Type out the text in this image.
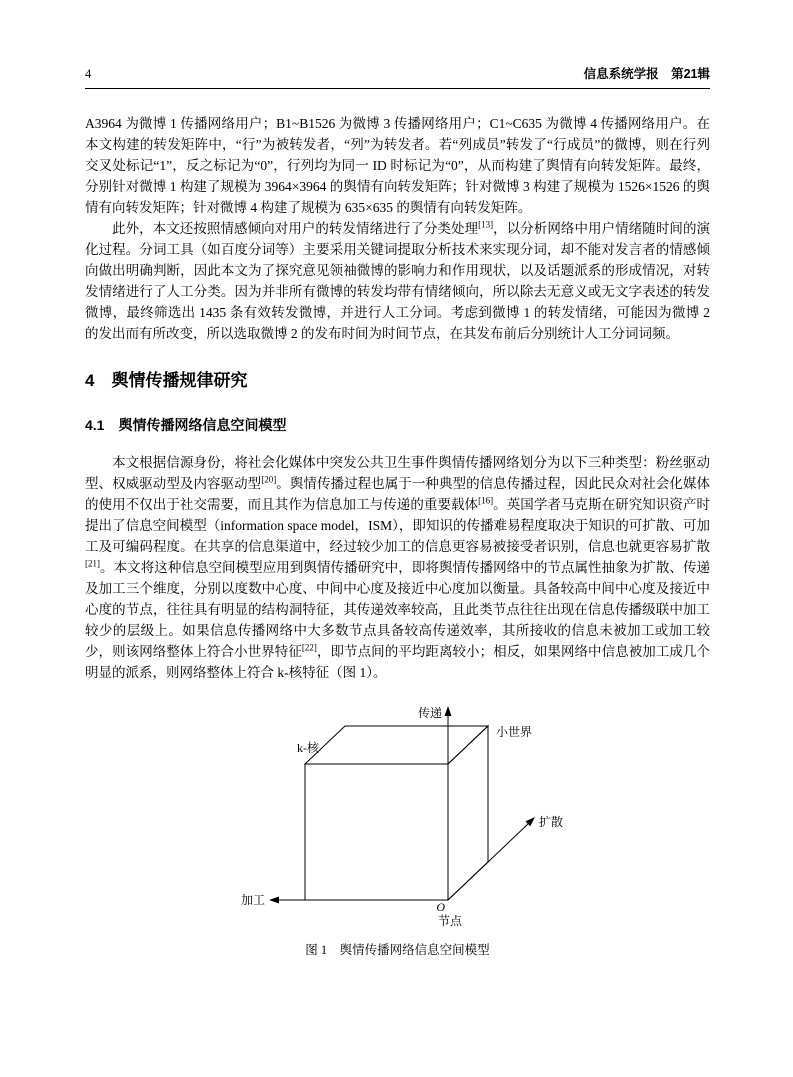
4	信息系统学报　第21辑

A3964 为微博 1 传播网络用户；B1~B1526 为微博 3 传播网络用户；C1~C635 为微博 4 传播网络用户。在本文构建的转发矩阵中，“行”为被转发者，“列”为转发者。若“列成员”转发了“行成员”的微博，则在行列交叉处标记“1”，反之标记为“0”，行列均为同一 ID 时标记为“0”，从而构建了舆情有向转发矩阵。最终，分别针对微博 1 构建了规模为 3964×3964 的舆情有向转发矩阵；针对微博 3 构建了规模为 1526×1526 的舆情有向转发矩阵；针对微博 4 构建了规模为 635×635 的舆情有向转发矩阵。

此外，本文还按照情感倾向对用户的转发情绪进行了分类处理[13]，以分析网络中用户情绪随时间的演化过程。分词工具（如百度分词等）主要采用关键词提取分析技术来实现分词，却不能对发言者的情感倾向做出明确判断，因此本文为了探究意见领袖微博的影响力和作用现状，以及话题派系的形成情况，对转发情绪进行了人工分类。因为并非所有微博的转发均带有情绪倾向，所以除去无意义或无文字表述的转发微博，最终筛选出 1435 条有效转发微博，并进行人工分词。考虑到微博 1 的转发情绪，可能因为微博 2 的发出而有所改变，所以选取微博 2 的发布时间为时间节点，在其发布前后分别统计人工分词词频。

4　舆情传播规律研究
4.1　舆情传播网络信息空间模型

本文根据信源身份，将社会化媒体中突发公共卫生事件舆情传播网络划分为以下三种类型：粉丝驱动型、权威驱动型及内容驱动型[20]。舆情传播过程也属于一种典型的信息传播过程，因此民众对社会化媒体的使用不仅出于社交需要，而且其作为信息加工与传递的重要载体[16]。英国学者马克斯在研究知识资产时提出了信息空间模型（information space model，ISM），即知识的传播难易程度取决于知识的可扩散、可加工及可编码程度。在共享的信息渠道中，经过较少加工的信息更容易被接受者识别，信息也就更容易扩散[21]。本文将这种信息空间模型应用到舆情传播研究中，即将舆情传播网络中的节点属性抽象为扩散、传递及加工三个维度，分别以度数中心度、中间中心度及接近中心度加以衡量。具备较高中间中心度及接近中心度的节点，往往具有明显的结构洞特征，其传递效率较高，且此类节点往往出现在信息传播级联中加工较少的层级上。如果信息传播网络中大多数节点具备较高传递效率，其所接收的信息未被加工或加工较少，则该网络整体上符合小世界特征[22]，即节点间的平均距离较小；相反，如果网络中信息被加工成几个明显的派系，则网络整体上符合 k-核特征（图 1）。

传递
扩散
加工
k-核
小世界
O
节点
图 1　舆情传播网络信息空间模型
